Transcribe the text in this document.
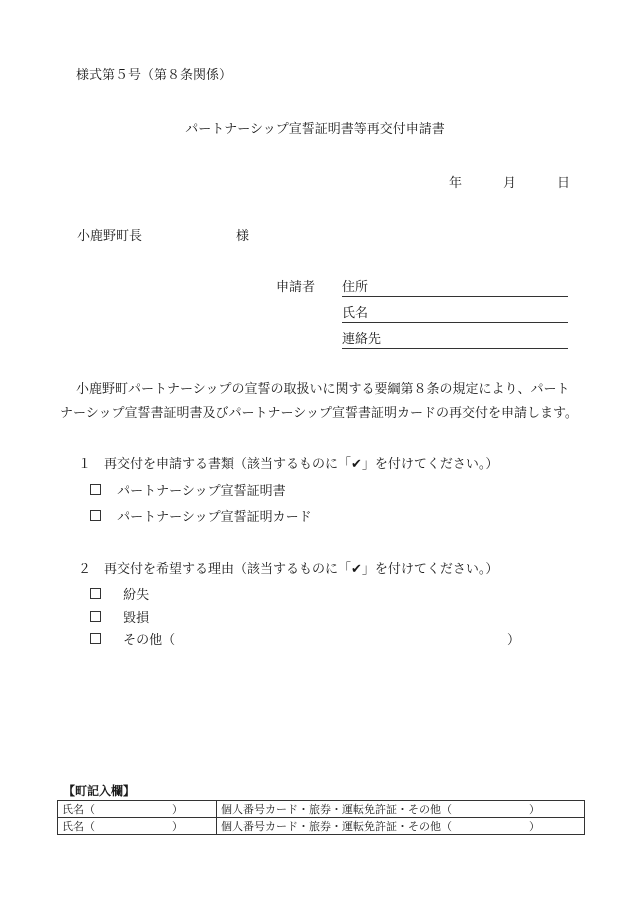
様式第５号（第８条関係）
パートナーシップ宣誓証明書等再交付申請書
年	月	日
小鹿野町長	様
申請者 住所
氏名
連絡先
小鹿野町パートナーシップの宣誓の取扱いに関する要綱第８条の規定により、パート
ナーシップ宣誓書証明書及びパートナーシップ宣誓書証明カードの再交付を申請します。
１　再交付を申請する書類（該当するものに「✔」を付けてください。）
パートナーシップ宣誓証明書
パートナーシップ宣誓証明カード
２　再交付を希望する理由（該当するものに「✔」を付けてください。）
紛失
毀損
その他（	）
【町記入欄】
氏名（　　　　　　　）	個人番号カード・旅券・運転免許証・その他（　　　　　　　）
氏名（　　　　　　　）	個人番号カード・旅券・運転免許証・その他（　　　　　　　）
